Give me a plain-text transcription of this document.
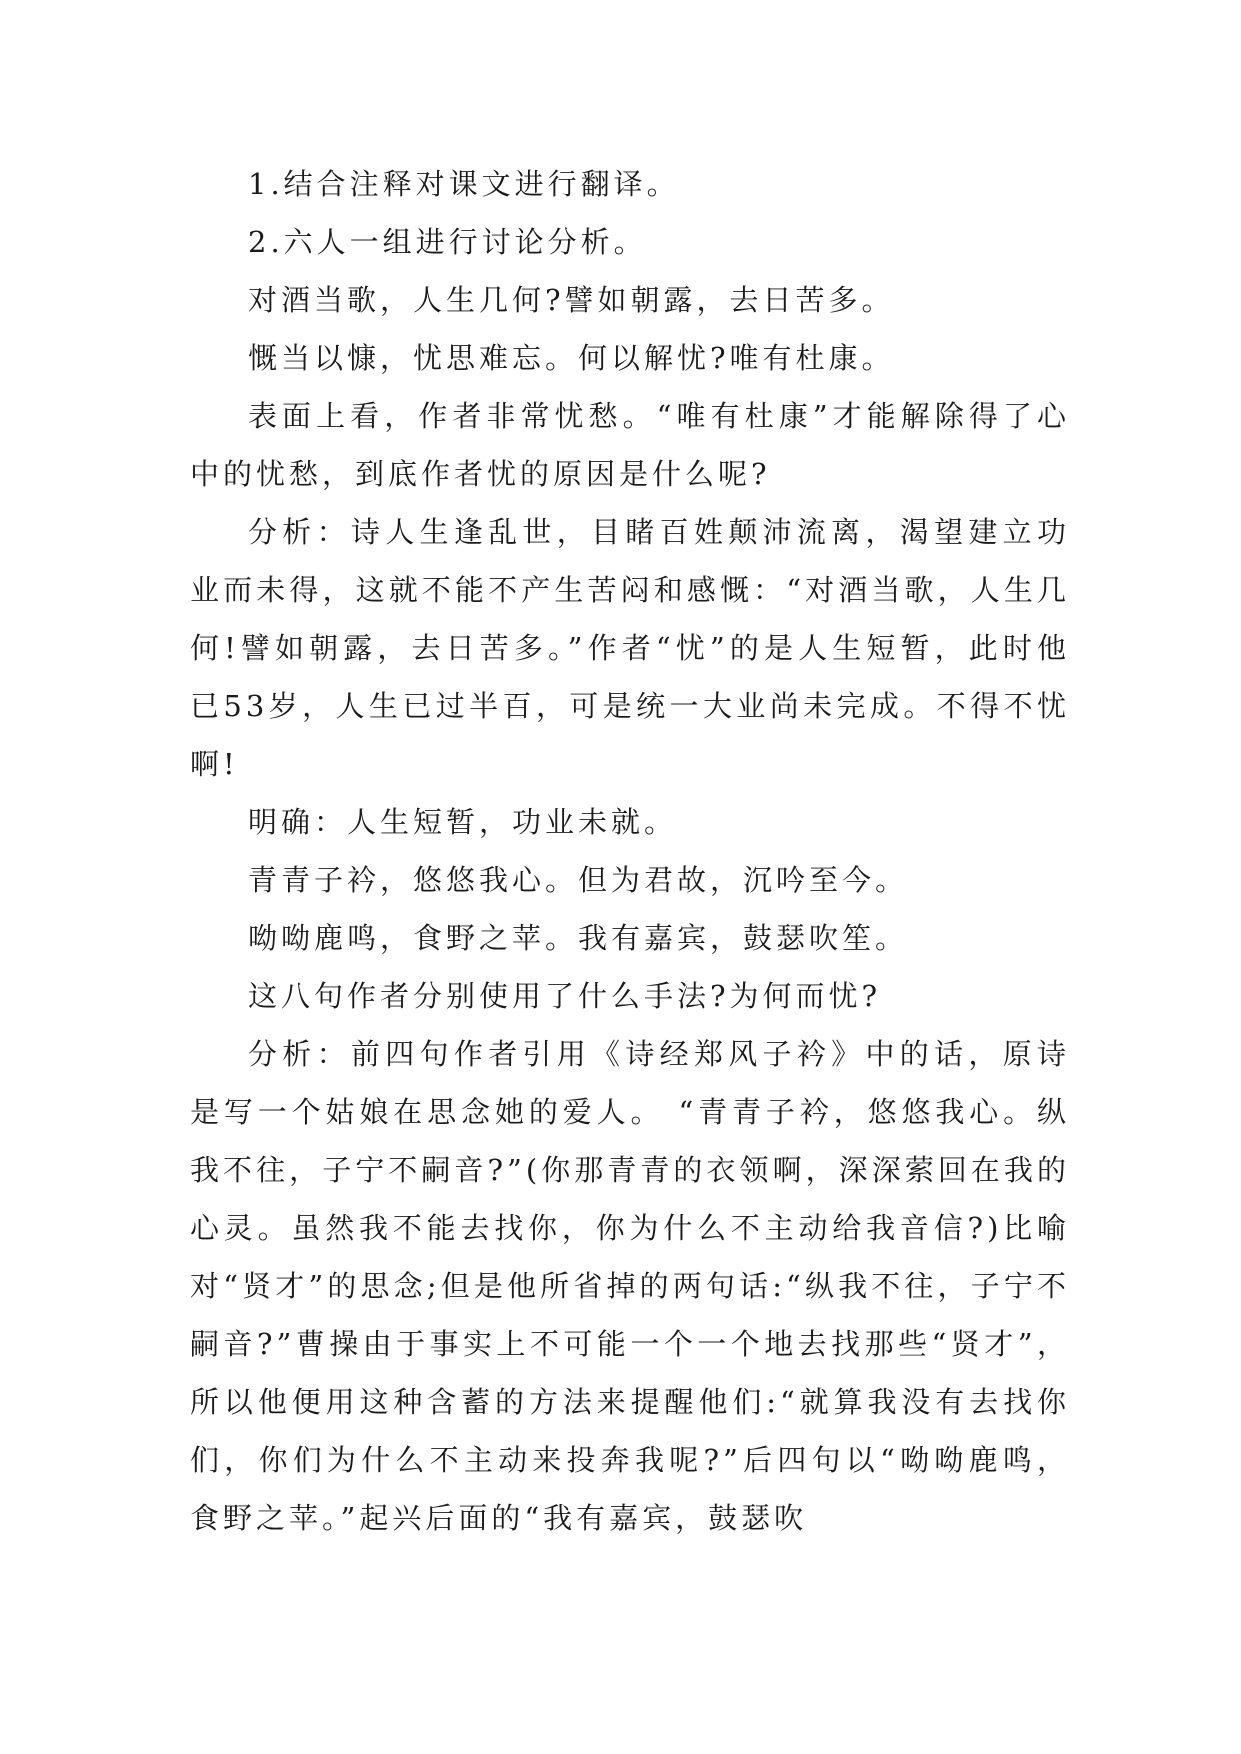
1.结合注释对课文进行翻译。

2.六人一组进行讨论分析。

对酒当歌，人生几何?譬如朝露，去日苦多。

慨当以慷，忧思难忘。何以解忧?唯有杜康。

表面上看，作者非常忧愁。“唯有杜康”才能解除得了心中的忧愁，到底作者忧的原因是什么呢?

分析：诗人生逢乱世，目睹百姓颠沛流离，渴望建立功业而未得，这就不能不产生苦闷和感慨：“对酒当歌，人生几何!譬如朝露，去日苦多。”作者“忧”的是人生短暂，此时他已53岁，人生已过半百，可是统一大业尚未完成。不得不忧啊!

明确：人生短暂，功业未就。

青青子衿，悠悠我心。但为君故，沉吟至今。

呦呦鹿鸣，食野之苹。我有嘉宾，鼓瑟吹笙。

这八句作者分别使用了什么手法?为何而忧?

分析：前四句作者引用《诗经郑风子衿》中的话，原诗是写一个姑娘在思念她的爱人。 “青青子衿，悠悠我心。纵我不往，子宁不嗣音?”(你那青青的衣领啊，深深萦回在我的心灵。虽然我不能去找你，你为什么不主动给我音信?)比喻对“贤才”的思念;但是他所省掉的两句话:“纵我不往，子宁不嗣音?”曹操由于事实上不可能一个一个地去找那些“贤才”，所以他便用这种含蓄的方法来提醒他们:“就算我没有去找你们，你们为什么不主动来投奔我呢?”后四句以“呦呦鹿鸣，食野之苹。”起兴后面的“我有嘉宾，鼓瑟吹
